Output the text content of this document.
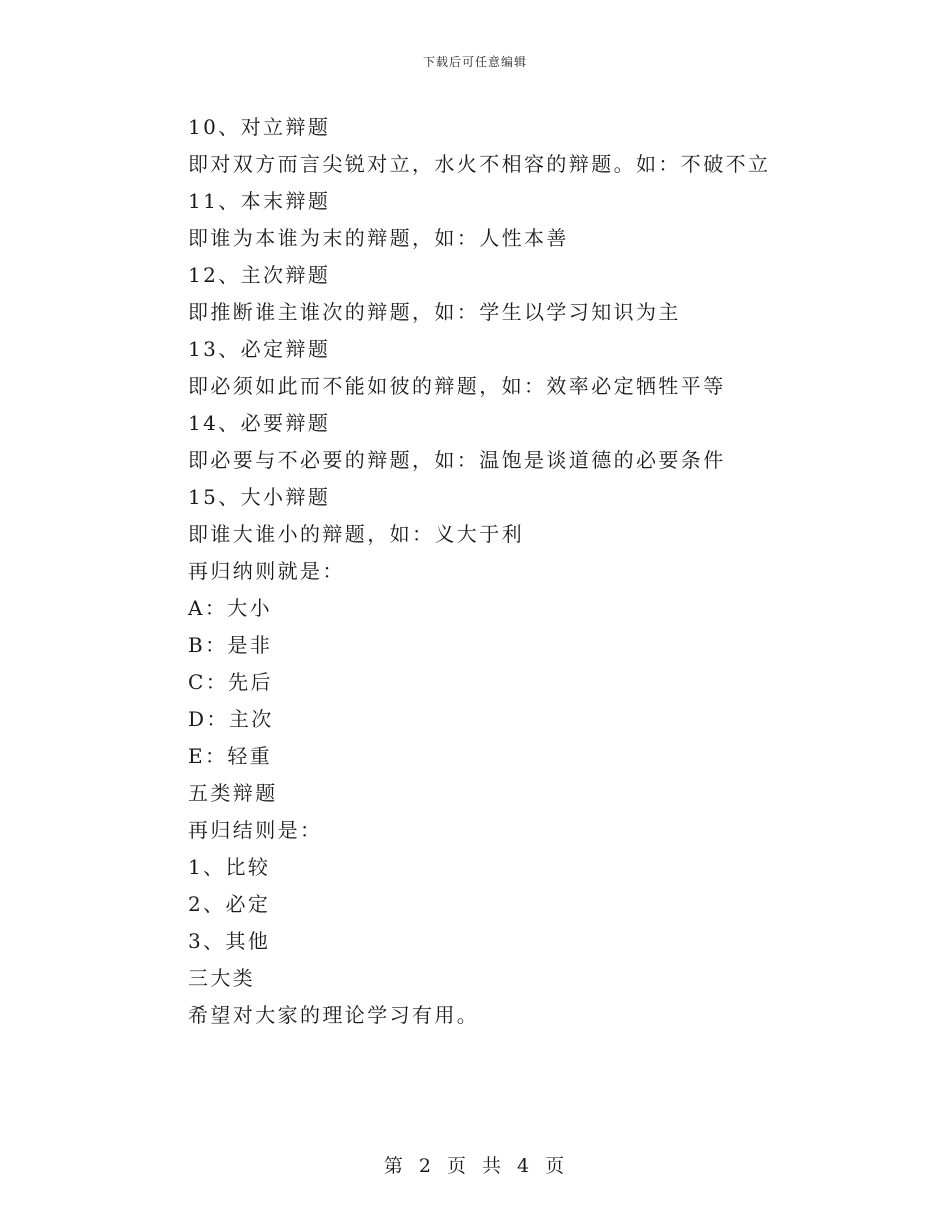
下载后可任意编辑
10、对立辩题
即对双方而言尖锐对立，水火不相容的辩题。如：不破不立
11、本末辩题
即谁为本谁为末的辩题，如：人性本善
12、主次辩题
即推断谁主谁次的辩题，如：学生以学习知识为主
13、必定辩题
即必须如此而不能如彼的辩题，如：效率必定牺牲平等
14、必要辩题
即必要与不必要的辩题，如：温饱是谈道德的必要条件
15、大小辩题
即谁大谁小的辩题，如：义大于利
再归纳则就是：
A：大小
B：是非
C：先后
D：主次
E：轻重
五类辩题
再归结则是：
1、比较
2、必定
3、其他
三大类
希望对大家的理论学习有用。
第 2 页 共 4 页
